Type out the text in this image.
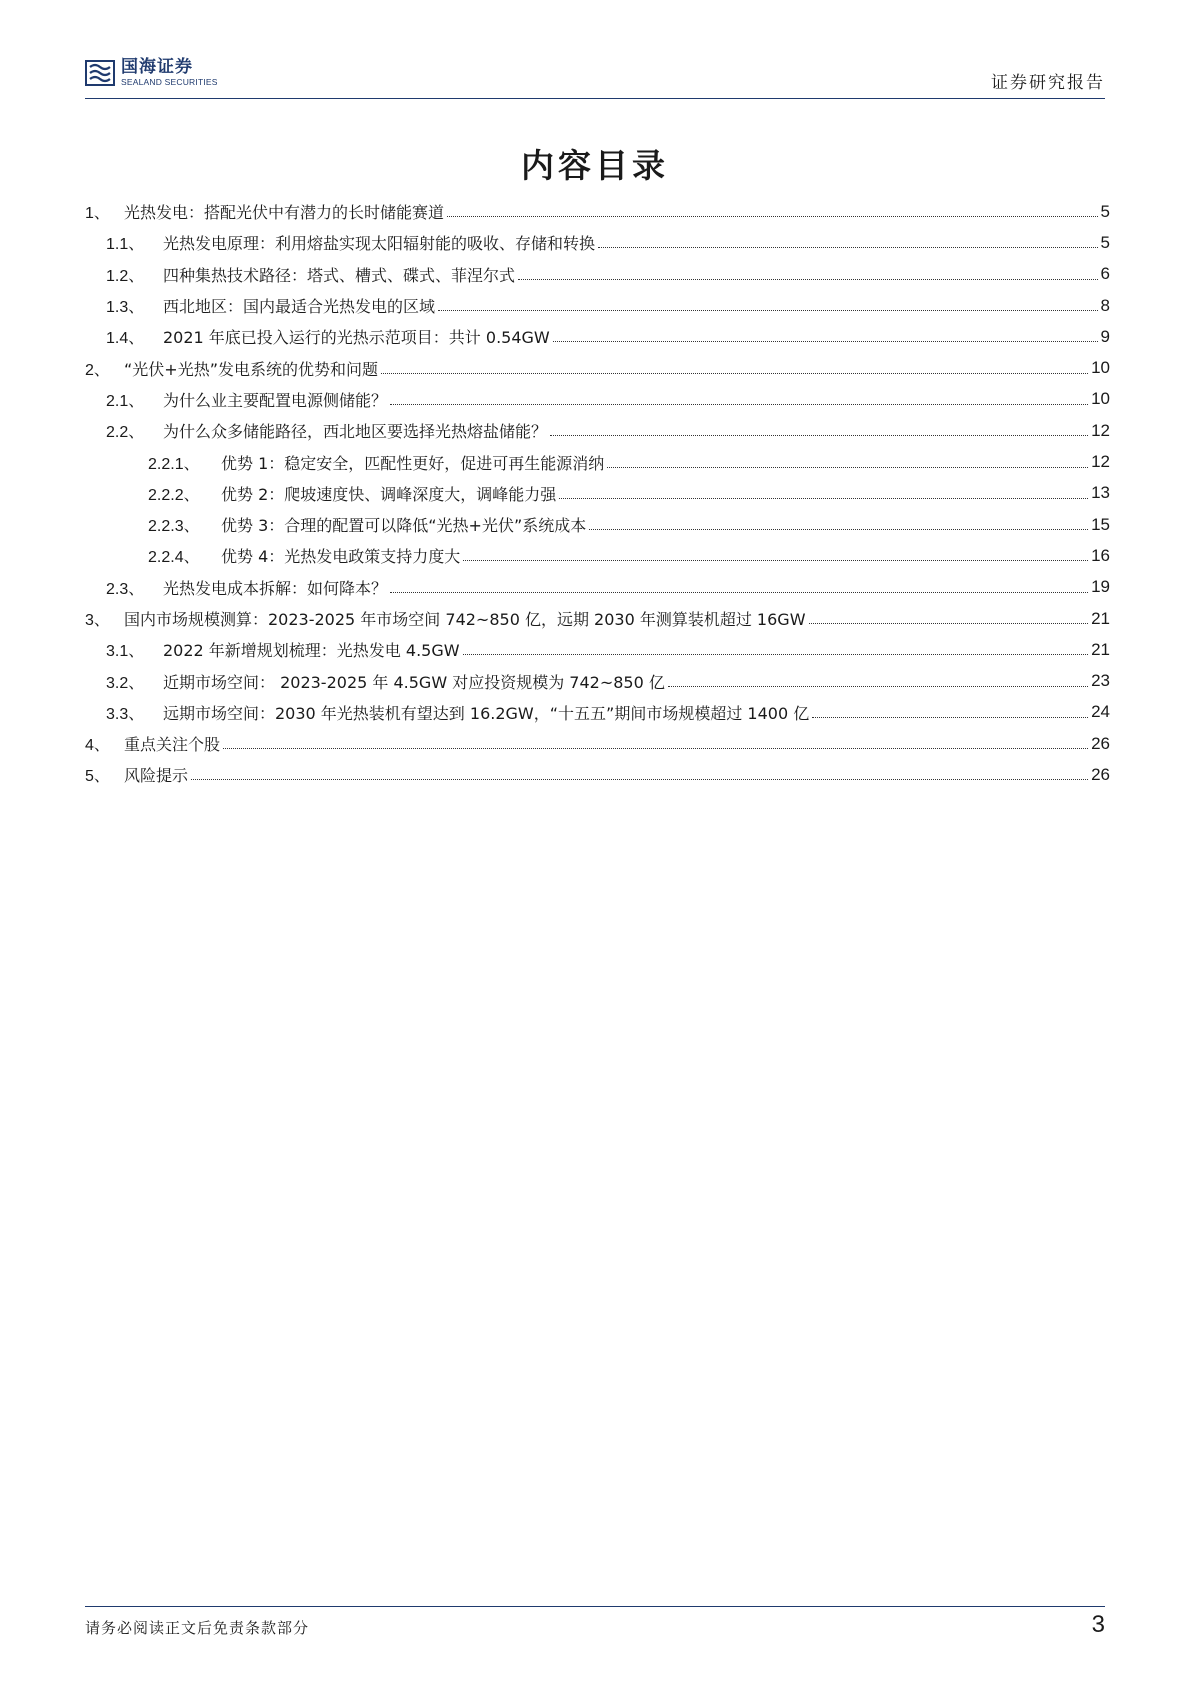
国海证券
SEALAND SECURITIES	证券研究报告
内容目录
1、 光热发电：搭配光伏中有潜力的长时储能赛道	5
1.1、	光热发电原理：利用熔盐实现太阳辐射能的吸收、存储和转换	5
1.2、	四种集热技术路径：塔式、槽式、碟式、菲涅尔式	6
1.3、	西北地区：国内最适合光热发电的区域	8
1.4、	2021 年底已投入运行的光热示范项目：共计 0.54GW	9
2、 “光伏+光热”发电系统的优势和问题	10
2.1、	为什么业主要配置电源侧储能？	10
2.2、	为什么众多储能路径，西北地区要选择光热熔盐储能？	12
2.2.1、	优势 1：稳定安全，匹配性更好，促进可再生能源消纳	12
2.2.2、	优势 2：爬坡速度快、调峰深度大，调峰能力强	13
2.2.3、	优势 3：合理的配置可以降低“光热+光伏”系统成本	15
2.2.4、	优势 4：光热发电政策支持力度大	16
2.3、	光热发电成本拆解：如何降本？	19
3、 国内市场规模测算：2023-2025 年市场空间 742~850 亿，远期 2030 年测算装机超过 16GW	21
3.1、	2022 年新增规划梳理：光热发电 4.5GW	21
3.2、	近期市场空间： 2023-2025 年 4.5GW 对应投资规模为 742~850 亿	23
3.3、	远期市场空间：2030 年光热装机有望达到 16.2GW，“十五五”期间市场规模超过 1400 亿	24
4、 重点关注个股	26
5、 风险提示	26
请务必阅读正文后免责条款部分	3
